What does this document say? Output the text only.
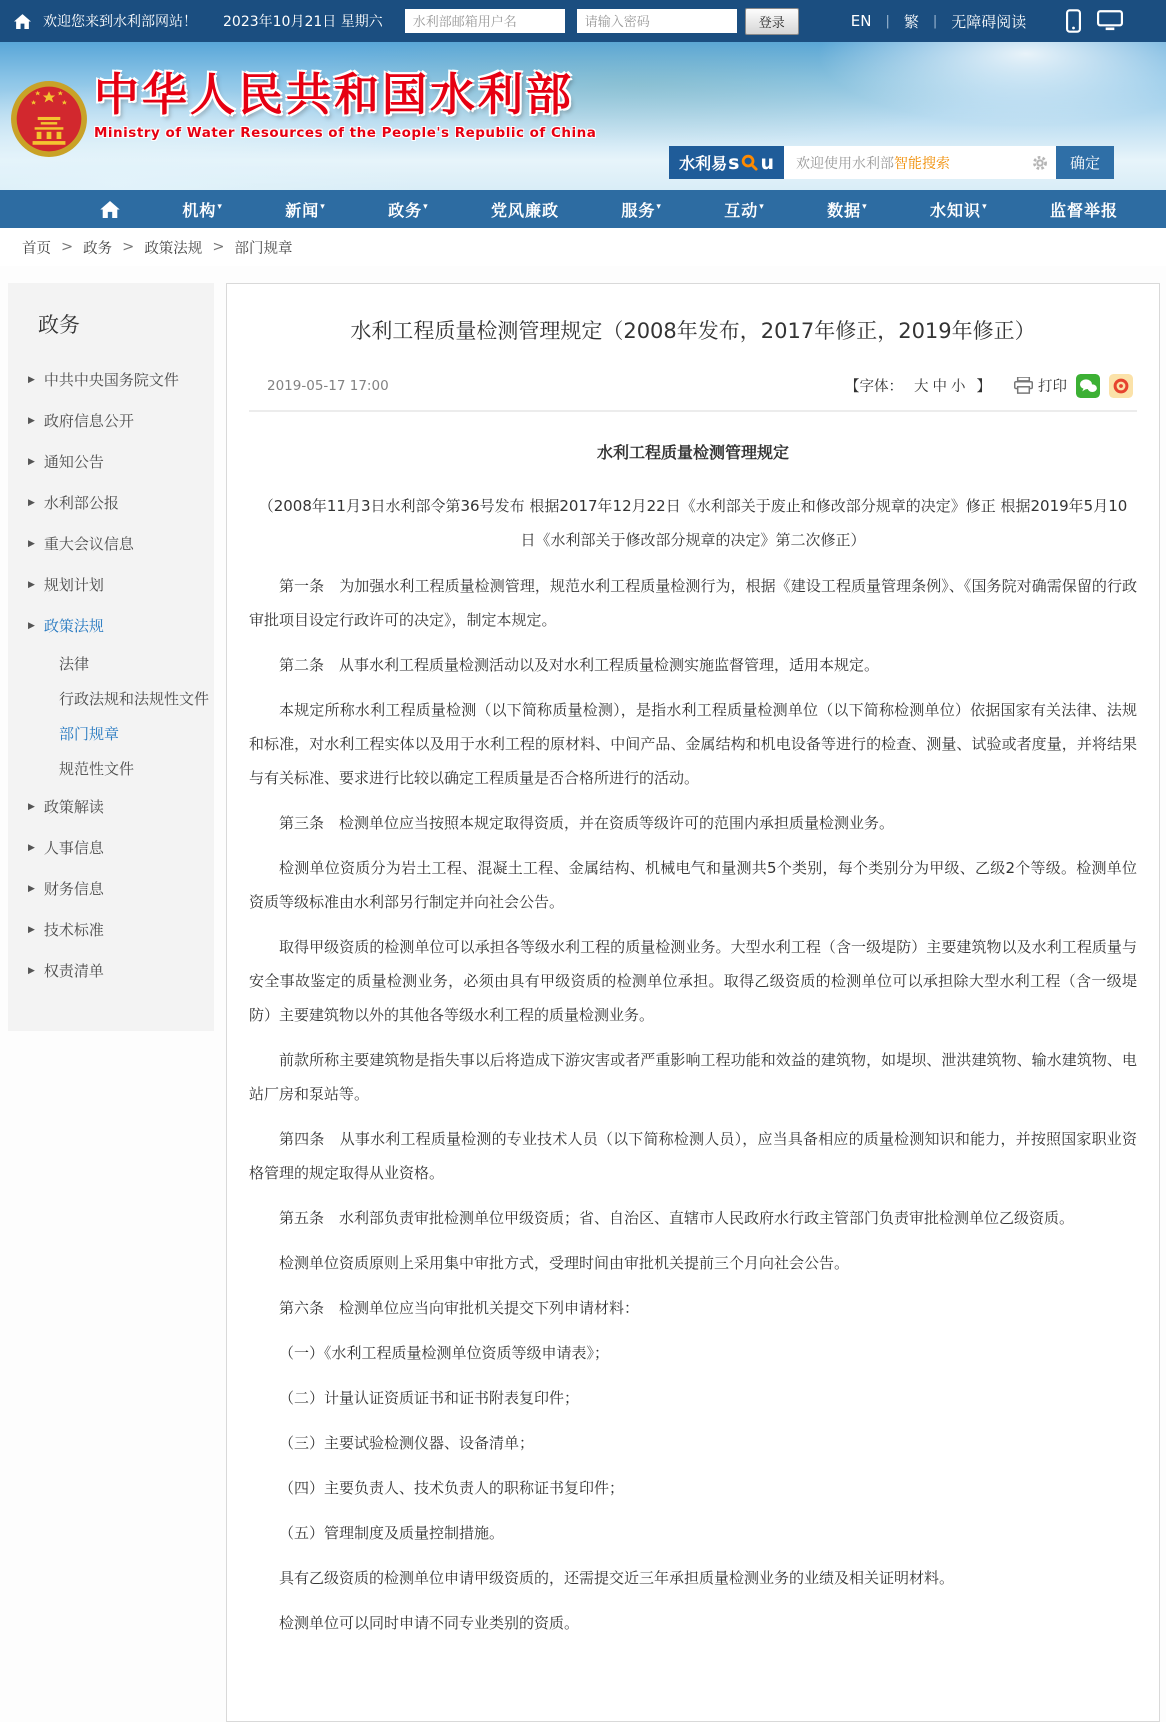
欢迎您来到水利部网站！ 2023年10月21日 星期六
水利部邮箱用户名	登录	EN | 繁 | 无障碍阅读
中华人民共和国水利部
Ministry of Water Resources of the People's Republic of China
水利易 s u 欢迎使用水利部 智能搜索	确定
机构▾	新闻▾	政务▾	党风廉政	服务▾	互动▾	数据▾	水知识▾	监督举报
首页 > 政务 > 政策法规 > 部门规章
政务
▶ 中共中央国务院文件
▶ 政府信息公开
▶ 通知公告
▶ 水利部公报
▶ 重大会议信息
▶ 规划计划
▶ 政策法规
法律
行政法规和法规性文件
部门规章
规范性文件
▶ 政策解读
▶ 人事信息
▶ 财务信息
▶ 技术标准
▶ 权责清单
水利工程质量检测管理规定（2008年发布，2017年修正，2019年修正）
2019-05-17 17:00	【字体： 大 中 小 】	打印
水利工程质量检测管理规定
（2008年11月3日水利部令第36号发布 根据2017年12月22日《水利部关于废止和修改部分规章的决定》修正 根据2019年5月10日《水利部关于修改部分规章的决定》第二次修正）

第一条　为加强水利工程质量检测管理，规范水利工程质量检测行为，根据《建设工程质量管理条例》、《国务院对确需保留的行政审批项目设定行政许可的决定》，制定本规定。

第二条　从事水利工程质量检测活动以及对水利工程质量检测实施监督管理，适用本规定。

本规定所称水利工程质量检测（以下简称质量检测），是指水利工程质量检测单位（以下简称检测单位）依据国家有关法律、法规和标准，对水利工程实体以及用于水利工程的原材料、中间产品、金属结构和机电设备等进行的检查、测量、试验或者度量，并将结果与有关标准、要求进行比较以确定工程质量是否合格所进行的活动。

第三条　检测单位应当按照本规定取得资质，并在资质等级许可的范围内承担质量检测业务。

检测单位资质分为岩土工程、混凝土工程、金属结构、机械电气和量测共5个类别，每个类别分为甲级、乙级2个等级。检测单位资质等级标准由水利部另行制定并向社会公告。

取得甲级资质的检测单位可以承担各等级水利工程的质量检测业务。大型水利工程（含一级堤防）主要建筑物以及水利工程质量与安全事故鉴定的质量检测业务，必须由具有甲级资质的检测单位承担。取得乙级资质的检测单位可以承担除大型水利工程（含一级堤防）主要建筑物以外的其他各等级水利工程的质量检测业务。

前款所称主要建筑物是指失事以后将造成下游灾害或者严重影响工程功能和效益的建筑物，如堤坝、泄洪建筑物、输水建筑物、电站厂房和泵站等。

第四条　从事水利工程质量检测的专业技术人员（以下简称检测人员），应当具备相应的质量检测知识和能力，并按照国家职业资格管理的规定取得从业资格。

第五条　水利部负责审批检测单位甲级资质；省、自治区、直辖市人民政府水行政主管部门负责审批检测单位乙级资质。

检测单位资质原则上采用集中审批方式，受理时间由审批机关提前三个月向社会公告。

第六条　检测单位应当向审批机关提交下列申请材料：

（一）《水利工程质量检测单位资质等级申请表》；

（二）计量认证资质证书和证书附表复印件；

（三）主要试验检测仪器、设备清单；

（四）主要负责人、技术负责人的职称证书复印件；

（五）管理制度及质量控制措施。

具有乙级资质的检测单位申请甲级资质的，还需提交近三年承担质量检测业务的业绩及相关证明材料。

检测单位可以同时申请不同专业类别的资质。
